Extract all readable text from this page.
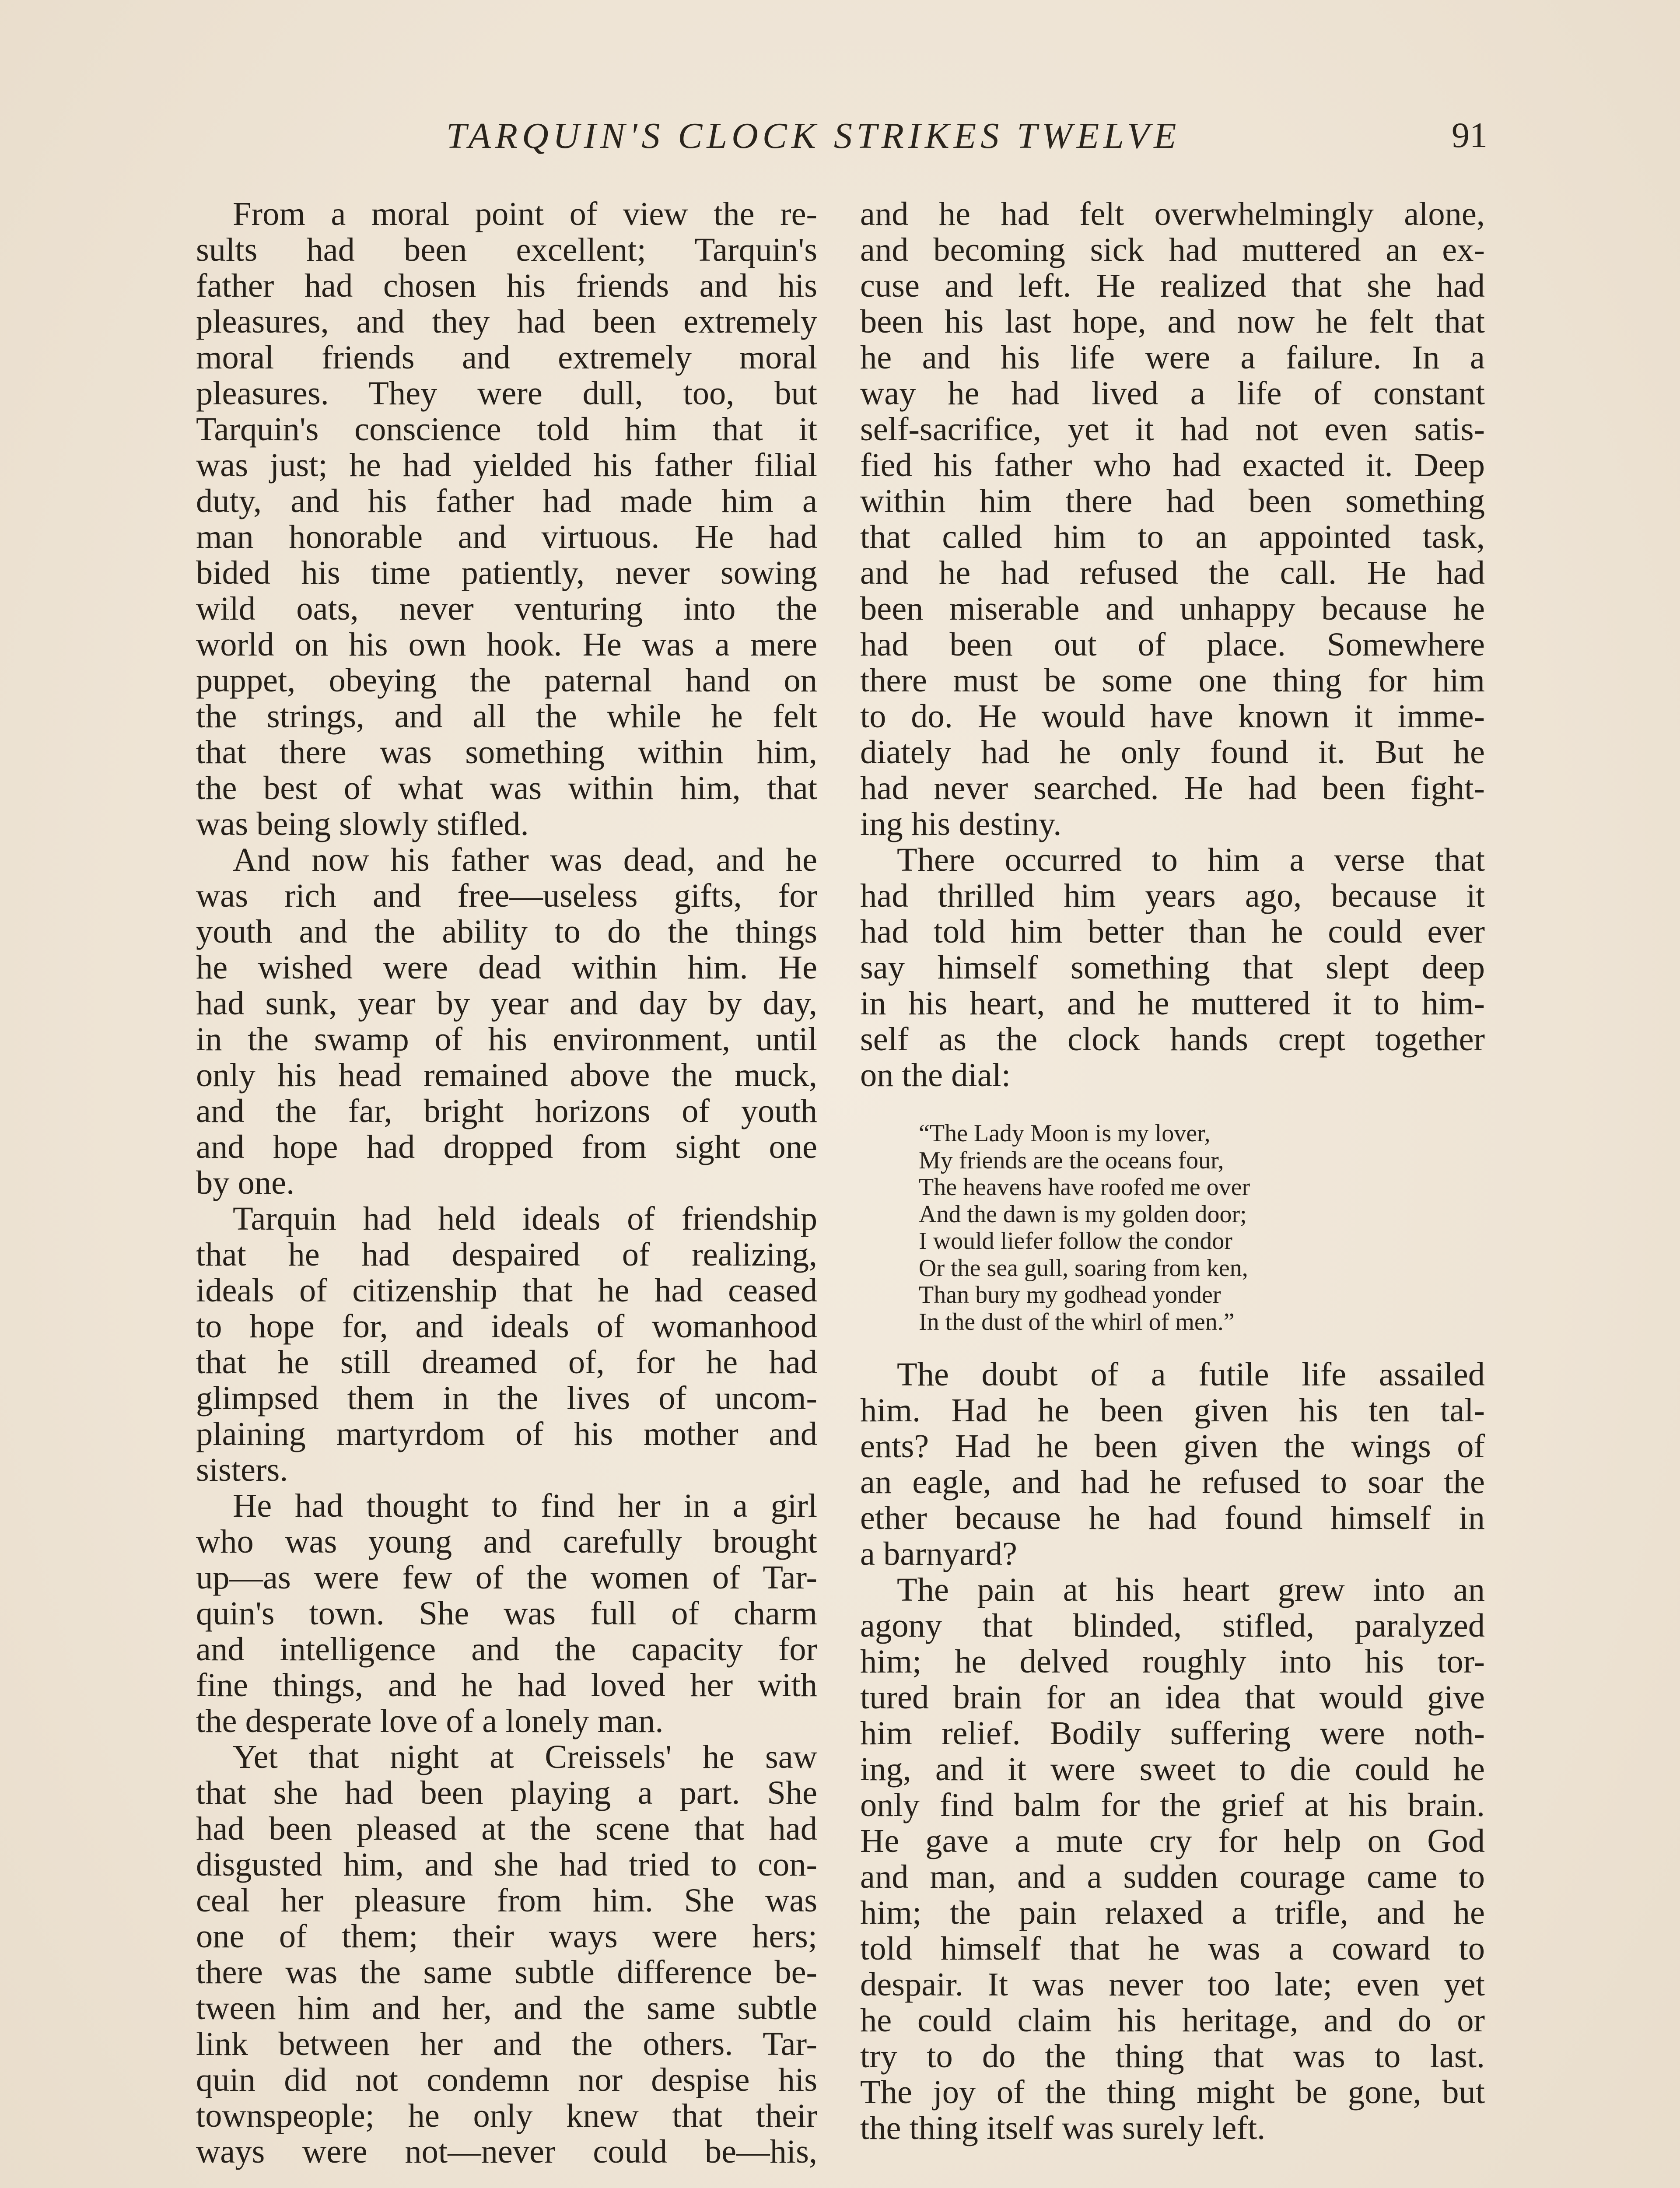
TARQUIN'S CLOCK STRIKES TWELVE	91
From a moral point of view the re-
sults had been excellent; Tarquin's
father had chosen his friends and his
pleasures, and they had been extremely
moral friends and extremely moral
pleasures. They were dull, too, but
Tarquin's conscience told him that it
was just; he had yielded his father filial
duty, and his father had made him a
man honorable and virtuous. He had
bided his time patiently, never sowing
wild oats, never venturing into the
world on his own hook. He was a mere
puppet, obeying the paternal hand on
the strings, and all the while he felt
that there was something within him,
the best of what was within him, that
was being slowly stifled.
And now his father was dead, and he
was rich and free—useless gifts, for
youth and the ability to do the things
he wished were dead within him. He
had sunk, year by year and day by day,
in the swamp of his environment, until
only his head remained above the muck,
and the far, bright horizons of youth
and hope had dropped from sight one
by one.
Tarquin had held ideals of friendship
that he had despaired of realizing,
ideals of citizenship that he had ceased
to hope for, and ideals of womanhood
that he still dreamed of, for he had
glimpsed them in the lives of uncom-
plaining martyrdom of his mother and
sisters.
He had thought to find her in a girl
who was young and carefully brought
up—as were few of the women of Tar-
quin's town. She was full of charm
and intelligence and the capacity for
fine things, and he had loved her with
the desperate love of a lonely man.
Yet that night at Creissels' he saw
that she had been playing a part. She
had been pleased at the scene that had
disgusted him, and she had tried to con-
ceal her pleasure from him. She was
one of them; their ways were hers;
there was the same subtle difference be-
tween him and her, and the same subtle
link between her and the others. Tar-
quin did not condemn nor despise his
townspeople; he only knew that their
ways were not—never could be—his,
and he had felt overwhelmingly alone,
and becoming sick had muttered an ex-
cuse and left. He realized that she had
been his last hope, and now he felt that
he and his life were a failure. In a
way he had lived a life of constant
self-sacrifice, yet it had not even satis-
fied his father who had exacted it. Deep
within him there had been something
that called him to an appointed task,
and he had refused the call. He had
been miserable and unhappy because he
had been out of place. Somewhere
there must be some one thing for him
to do. He would have known it imme-
diately had he only found it. But he
had never searched. He had been fight-
ing his destiny.
There occurred to him a verse that
had thrilled him years ago, because it
had told him better than he could ever
say himself something that slept deep
in his heart, and he muttered it to him-
self as the clock hands crept together
on the dial:
“The Lady Moon is my lover,
My friends are the oceans four,
The heavens have roofed me over
And the dawn is my golden door;
I would liefer follow the condor
Or the sea gull, soaring from ken,
Than bury my godhead yonder
In the dust of the whirl of men.”
The doubt of a futile life assailed
him. Had he been given his ten tal-
ents? Had he been given the wings of
an eagle, and had he refused to soar the
ether because he had found himself in
a barnyard?
The pain at his heart grew into an
agony that blinded, stifled, paralyzed
him; he delved roughly into his tor-
tured brain for an idea that would give
him relief. Bodily suffering were noth-
ing, and it were sweet to die could he
only find balm for the grief at his brain.
He gave a mute cry for help on God
and man, and a sudden courage came to
him; the pain relaxed a trifle, and he
told himself that he was a coward to
despair. It was never too late; even yet
he could claim his heritage, and do or
try to do the thing that was to last.
The joy of the thing might be gone, but
the thing itself was surely left.
